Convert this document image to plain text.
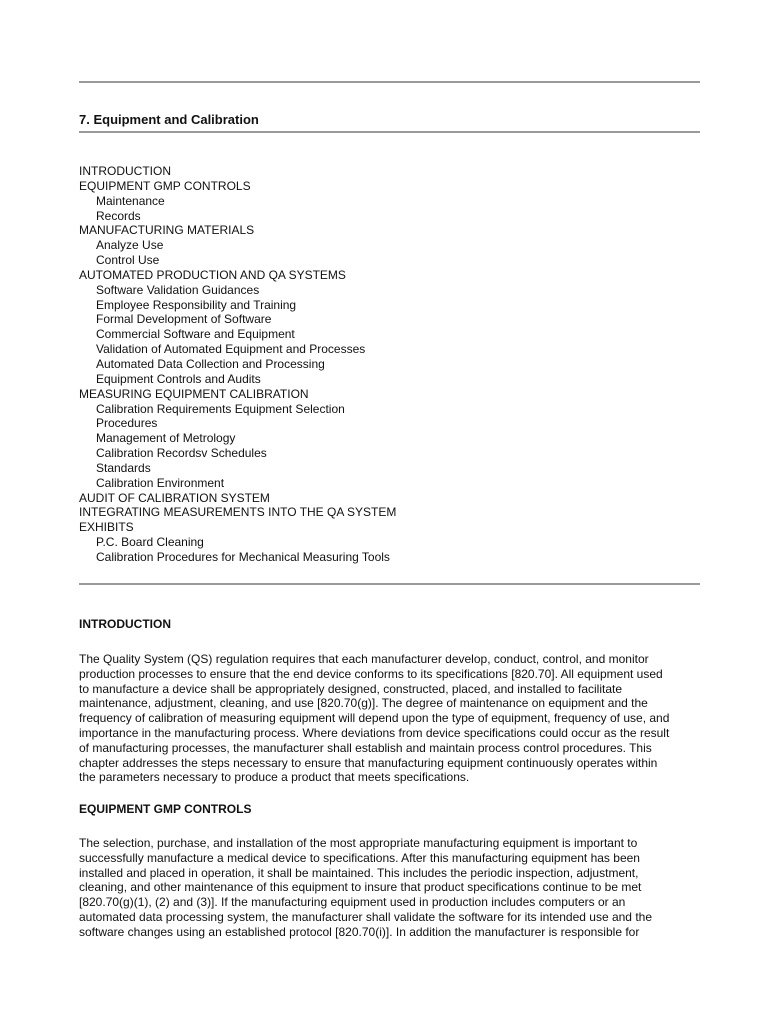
7. Equipment and Calibration
INTRODUCTION
EQUIPMENT GMP CONTROLS
Maintenance
Records
MANUFACTURING MATERIALS
Analyze Use
Control Use
AUTOMATED PRODUCTION AND QA SYSTEMS
Software Validation Guidances
Employee Responsibility and Training
Formal Development of Software
Commercial Software and Equipment
Validation of Automated Equipment and Processes
Automated Data Collection and Processing
Equipment Controls and Audits
MEASURING EQUIPMENT CALIBRATION
Calibration Requirements Equipment Selection
Procedures
Management of Metrology
Calibration Recordsv Schedules
Standards
Calibration Environment
AUDIT OF CALIBRATION SYSTEM
INTEGRATING MEASUREMENTS INTO THE QA SYSTEM
EXHIBITS
P.C. Board Cleaning
Calibration Procedures for Mechanical Measuring Tools
INTRODUCTION

The Quality System (QS) regulation requires that each manufacturer develop, conduct, control, and monitor
production processes to ensure that the end device conforms to its specifications [820.70]. All equipment used
to manufacture a device shall be appropriately designed, constructed, placed, and installed to facilitate
maintenance, adjustment, cleaning, and use [820.70(g)]. The degree of maintenance on equipment and the
frequency of calibration of measuring equipment will depend upon the type of equipment, frequency of use, and
importance in the manufacturing process. Where deviations from device specifications could occur as the result
of manufacturing processes, the manufacturer shall establish and maintain process control procedures. This
chapter addresses the steps necessary to ensure that manufacturing equipment continuously operates within
the parameters necessary to produce a product that meets specifications.

EQUIPMENT GMP CONTROLS

The selection, purchase, and installation of the most appropriate manufacturing equipment is important to
successfully manufacture a medical device to specifications. After this manufacturing equipment has been
installed and placed in operation, it shall be maintained. This includes the periodic inspection, adjustment,
cleaning, and other maintenance of this equipment to insure that product specifications continue to be met
[820.70(g)(1), (2) and (3)]. If the manufacturing equipment used in production includes computers or an
automated data processing system, the manufacturer shall validate the software for its intended use and the
software changes using an established protocol [820.70(i)]. In addition the manufacturer is responsible for
